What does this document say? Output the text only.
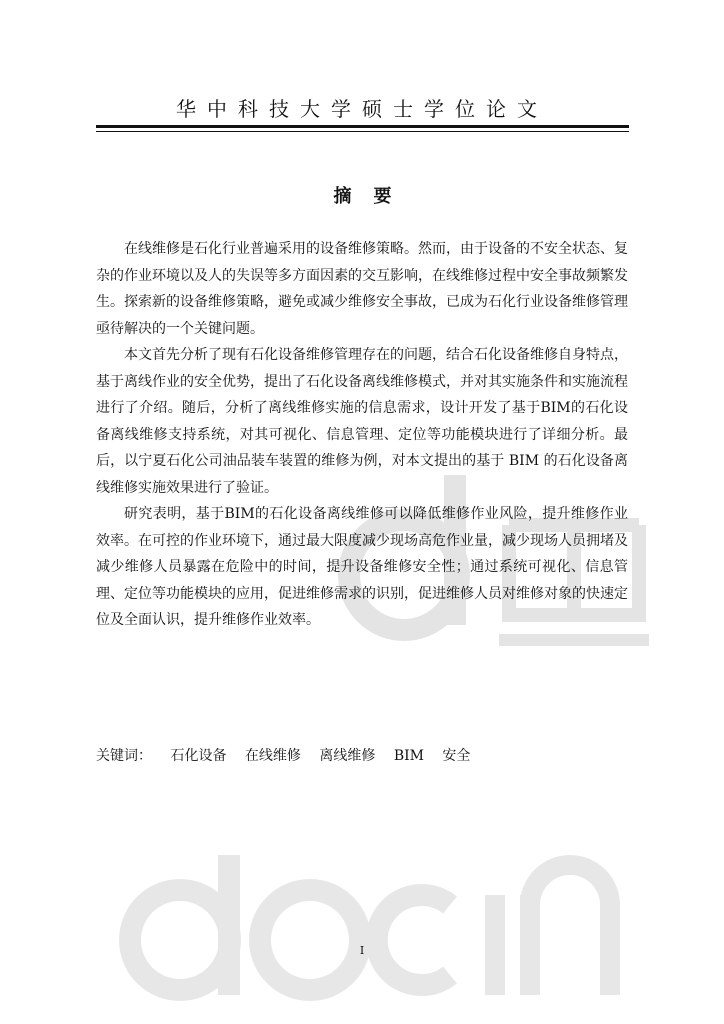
华中科技大学硕士学位论文
摘要

在线维修是石化行业普遍采用的设备维修策略。然而，由于设备的不安全状态、复杂的作业环境以及人的失误等多方面因素的交互影响，在线维修过程中安全事故频繁发生。探索新的设备维修策略，避免或减少维修安全事故，已成为石化行业设备维修管理亟待解决的一个关键问题。

本文首先分析了现有石化设备维修管理存在的问题，结合石化设备维修自身特点，基于离线作业的安全优势，提出了石化设备离线维修模式，并对其实施条件和实施流程进行了介绍。随后，分析了离线维修实施的信息需求，设计开发了基于BIM的石化设备离线维修支持系统，对其可视化、信息管理、定位等功能模块进行了详细分析。最后，以宁夏石化公司油品装车装置的维修为例，对本文提出的基于 BIM 的石化设备离线维修实施效果进行了验证。

研究表明，基于BIM的石化设备离线维修可以降低维修作业风险，提升维修作业效率。在可控的作业环境下，通过最大限度减少现场高危作业量，减少现场人员拥堵及减少维修人员暴露在危险中的时间，提升设备维修安全性；通过系统可视化、信息管理、定位等功能模块的应用，促进维修需求的识别，促进维修人员对维修对象的快速定位及全面认识，提升维修作业效率。

关键词： 石化设备 在线维修 离线维修 BIM 安全
I
